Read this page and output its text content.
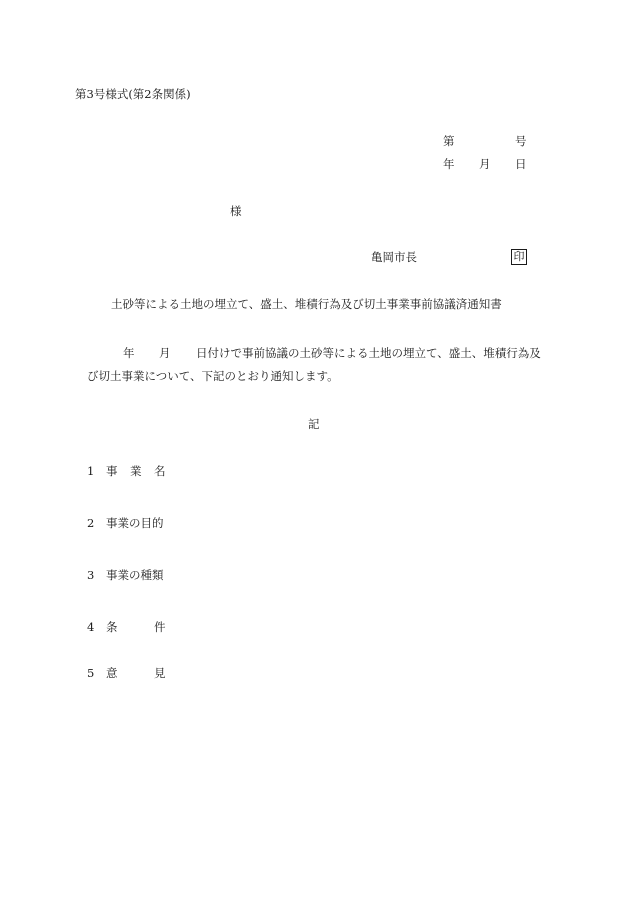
第3号様式(第2条関係)
第	号
年 月 日
様
亀岡市長	印
土砂等による土地の埋立て、盛土、堆積行為及び切土事業事前協議済通知書
年 月 日付けで事前協議の土砂等による土地の埋立て、盛土、堆積行為及
び切土事業について、下記のとおり通知します。
記
1 事 業 名
2 事業の目的
3 事業の種類
4 条	件
5 意	見
